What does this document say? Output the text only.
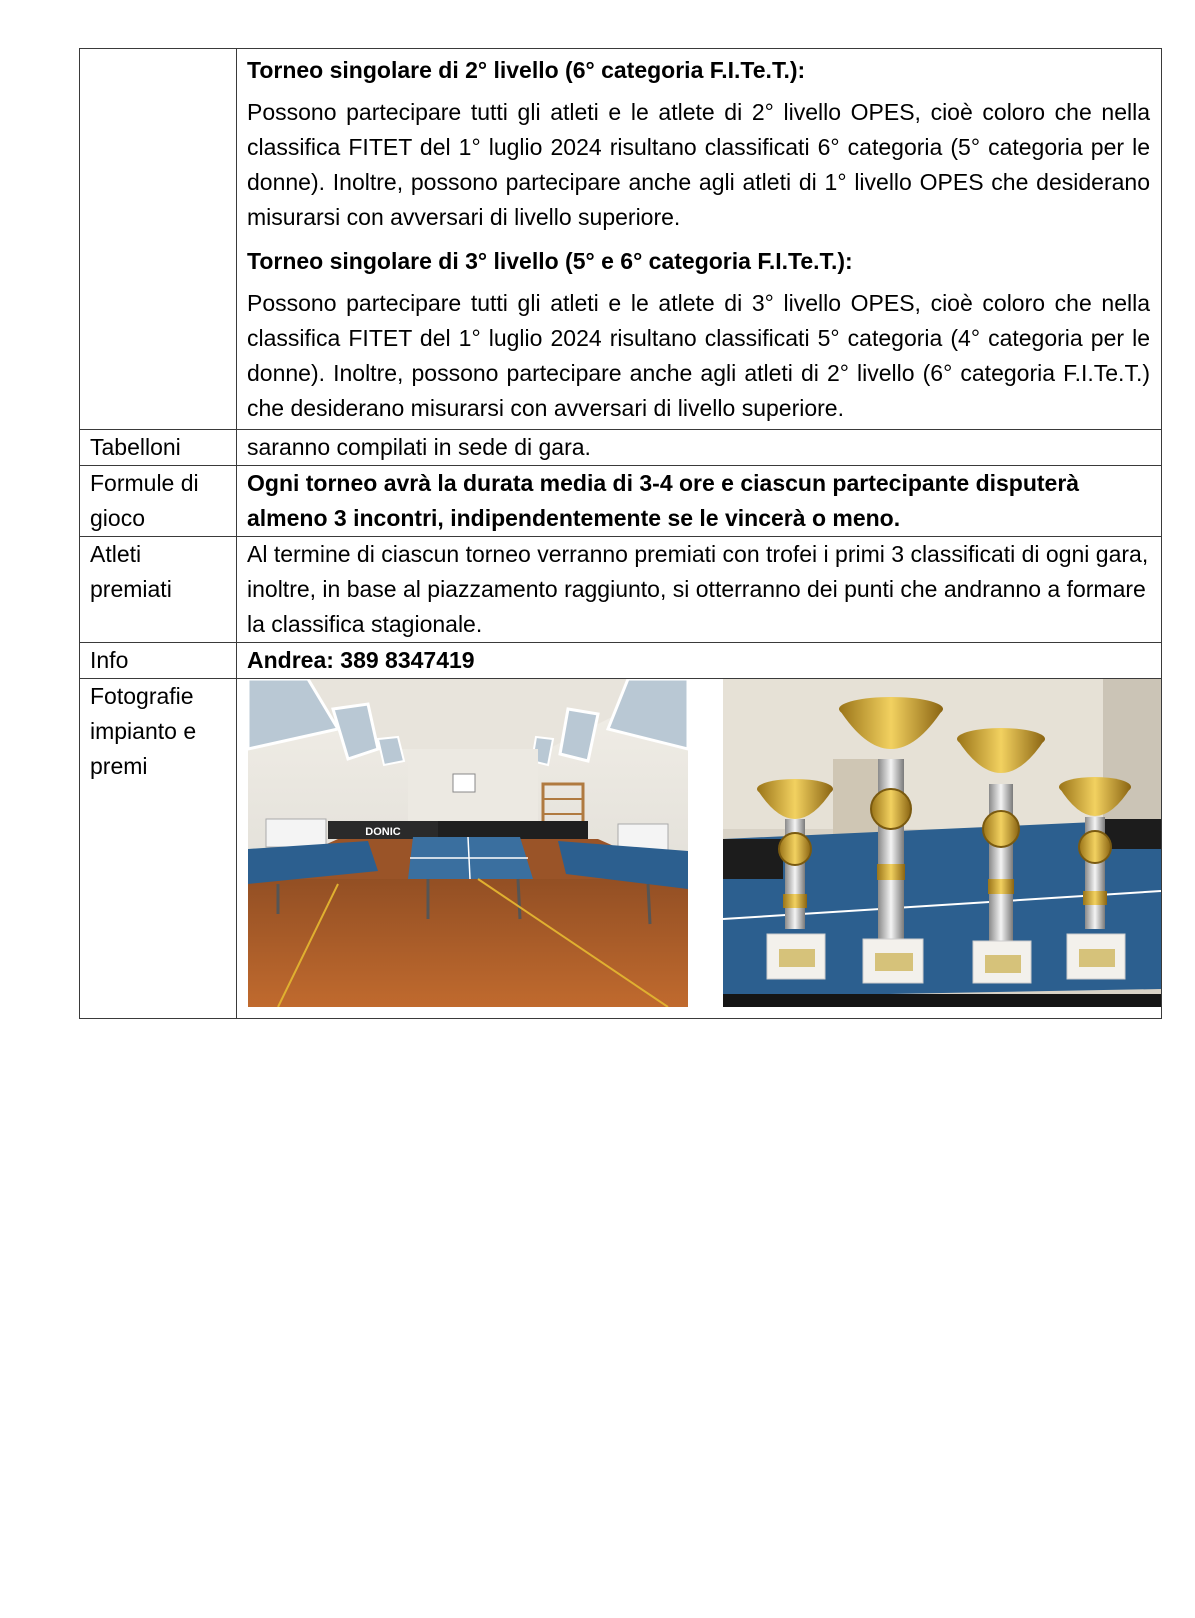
	Torneo singolare di 2° livello (6° categoria F.I.Te.T.):

Possono partecipare tutti gli atleti e le atlete di 2° livello OPES, cioè coloro che nella classifica FITET del 1° luglio 2024 risultano classificati 6° categoria (5° categoria per le donne). Inoltre, possono partecipare anche agli atleti di 1° livello OPES che desiderano misurarsi con avversari di livello superiore.

Torneo singolare di 3° livello (5° e 6° categoria F.I.Te.T.):

Possono partecipare tutti gli atleti e le atlete di 3° livello OPES, cioè coloro che nella classifica FITET del 1° luglio 2024 risultano classificati 5° categoria (4° categoria per le donne). Inoltre, possono partecipare anche agli atleti di 2° livello (6° categoria F.I.Te.T.) che desiderano misurarsi con avversari di livello superiore.

Tabelloni	saranno compilati in sede di gara.
Formule di gioco	Ogni torneo avrà la durata media di 3-4 ore e ciascun partecipante disputerà almeno 3 incontri, indipendentemente se le vincerà o meno.
Atleti premiati	Al termine di ciascun torneo verranno premiati con trofei i primi 3 classificati di ogni gara, inoltre, in base al piazzamento raggiunto, si otterranno dei punti che andranno a formare la classifica stagionale.
Info	Andrea: 389 8347419
Fotografie impianto e premi	DONIC
